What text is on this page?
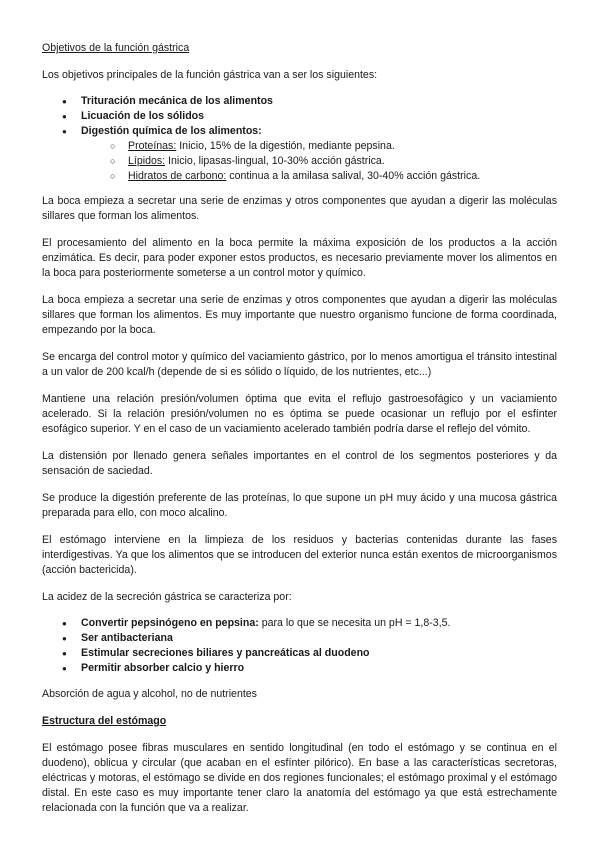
Objetivos de la función gástrica

Los objetivos principales de la función gástrica van a ser los siguientes:

● Trituración mecánica de los alimentos
● Licuación de los sólidos
● Digestión química de los alimentos:
○ Proteínas: Inicio, 15% de la digestión, mediante pepsina.
○ Lípidos: Inicio, lipasas-lingual, 10-30% acción gástrica.
○ Hidratos de carbono: continua a la amilasa salival, 30-40% acción gástrica.

La boca empieza a secretar una serie de enzimas y otros componentes que ayudan a digerir las moléculas sillares que forman los alimentos.

El procesamiento del alimento en la boca permite la máxima exposición de los productos a la acción enzimática. Es decir, para poder exponer estos productos, es necesario previamente mover los alimentos en la boca para posteriormente someterse a un control motor y químico.

La boca empieza a secretar una serie de enzimas y otros componentes que ayudan a digerir las moléculas sillares que forman los alimentos. Es muy importante que nuestro organismo funcione de forma coordinada, empezando por la boca.

Se encarga del control motor y químico del vaciamiento gástrico, por lo menos amortigua el tránsito intestinal a un valor de 200 kcal/h (depende de si es sólido o líquido, de los nutrientes, etc...)

Mantiene una relación presión/volumen óptima que evita el reflujo gastroesofágico y un vaciamiento acelerado. Si la relación presión/volumen no es óptima se puede ocasionar un reflujo por el esfínter esofágico superior. Y en el caso de un vaciamiento acelerado también podría darse el reflejo del vómito.

La distensión por llenado genera señales importantes en el control de los segmentos posteriores y da sensación de saciedad.

Se produce la digestión preferente de las proteínas, lo que supone un pH muy ácido y una mucosa gástrica preparada para ello, con moco alcalino.

El estómago interviene en la limpieza de los residuos y bacterias contenidas durante las fases interdigestivas. Ya que los alimentos que se introducen del exterior nunca están exentos de microorganismos (acción bactericida).

La acidez de la secreción gástrica se caracteriza por:

● Convertir pepsinógeno en pepsina: para lo que se necesita un pH = 1,8-3,5.
● Ser antibacteriana
● Estimular secreciones biliares y pancreáticas al duodeno
● Permitir absorber calcio y hierro

Absorción de agua y alcohol, no de nutrientes

Estructura del estómago

El estómago posee fibras musculares en sentido longitudinal (en todo el estómago y se continua en el duodeno), oblicua y circular (que acaban en el esfínter pilórico). En base a las características secretoras, eléctricas y motoras, el estómago se divide en dos regiones funcionales; el estómago proximal y el estómago distal. En este caso es muy importante tener claro la anatomía del estómago ya que está estrechamente relacionada con la función que va a realizar.
